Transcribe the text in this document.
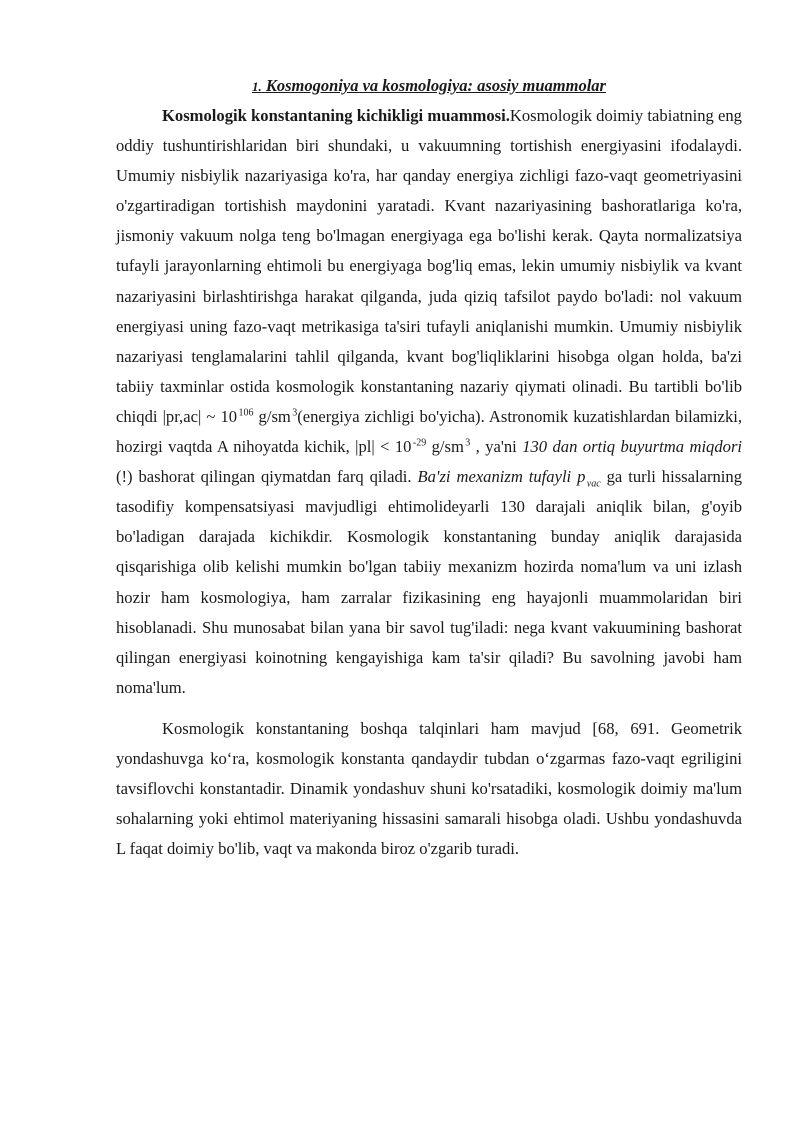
1. Kosmogoniya va kosmologiya: asosiy muammolar

Kosmologik konstantaning kichikligi muammosi.Kosmologik doimiy tabiatning eng oddiy tushuntirishlaridan biri shundaki, u vakuumning tortishish energiyasini ifodalaydi. Umumiy nisbiylik nazariyasiga ko'ra, har qanday energiya zichligi fazo-vaqt geometriyasini o'zgartiradigan tortishish maydonini yaratadi. Kvant nazariyasining bashoratlariga ko'ra, jismoniy vakuum nolga teng bo'lmagan energiyaga ega bo'lishi kerak. Qayta normalizatsiya tufayli jarayonlarning ehtimoli bu energiyaga bog'liq emas, lekin umumiy nisbiylik va kvant nazariyasini birlashtirishga harakat qilganda, juda qiziq tafsilot paydo bo'ladi: nol vakuum energiyasi uning fazo-vaqt metrikasiga ta'siri tufayli aniqlanishi mumkin. Umumiy nisbiylik nazariyasi tenglamalarini tahlil qilganda, kvant bog'liqliklarini hisobga olgan holda, ba'zi tabiiy taxminlar ostida kosmologik konstantaning nazariy qiymati olinadi. Bu tartibli bo'lib chiqdi |pr,ac| ~ 10 $^{106}$ g/sm $^3$(energiya zichligi bo'yicha). Astronomik kuzatishlardan bilamizki, hozirgi vaqtda A nihoyatda kichik, |pl| < 10 $^{-29}$ g/sm $^3$ , ya'ni 130 dan ortiq buyurtma miqdori (!) bashorat qilingan qiymatdan farq qiladi. Ba'zi mexanizm tufayli p $_{vac}$ ga turli hissalarning tasodifiy kompensatsiyasi mavjudligi ehtimolideyarli 130 darajali aniqlik bilan, g'oyib bo'ladigan darajada kichikdir. Kosmologik konstantaning bunday aniqlik darajasida qisqarishiga olib kelishi mumkin bo'lgan tabiiy mexanizm hozirda noma'lum va uni izlash hozir ham kosmologiya, ham zarralar fizikasining eng hayajonli muammolaridan biri hisoblanadi. Shu munosabat bilan yana bir savol tug'iladi: nega kvant vakuumining bashorat qilingan energiyasi koinotning kengayishiga kam ta'sir qiladi? Bu savolning javobi ham noma'lum.

Kosmologik konstantaning boshqa talqinlari ham mavjud [68, 691. Geometrik yondashuvga ko‘ra, kosmologik konstanta qandaydir tubdan o‘zgarmas fazo-vaqt egriligini tavsiflovchi konstantadir. Dinamik yondashuv shuni ko'rsatadiki, kosmologik doimiy ma'lum sohalarning yoki ehtimol materiyaning hissasini samarali hisobga oladi. Ushbu yondashuvda L faqat doimiy bo'lib, vaqt va makonda biroz o'zgarib turadi.
